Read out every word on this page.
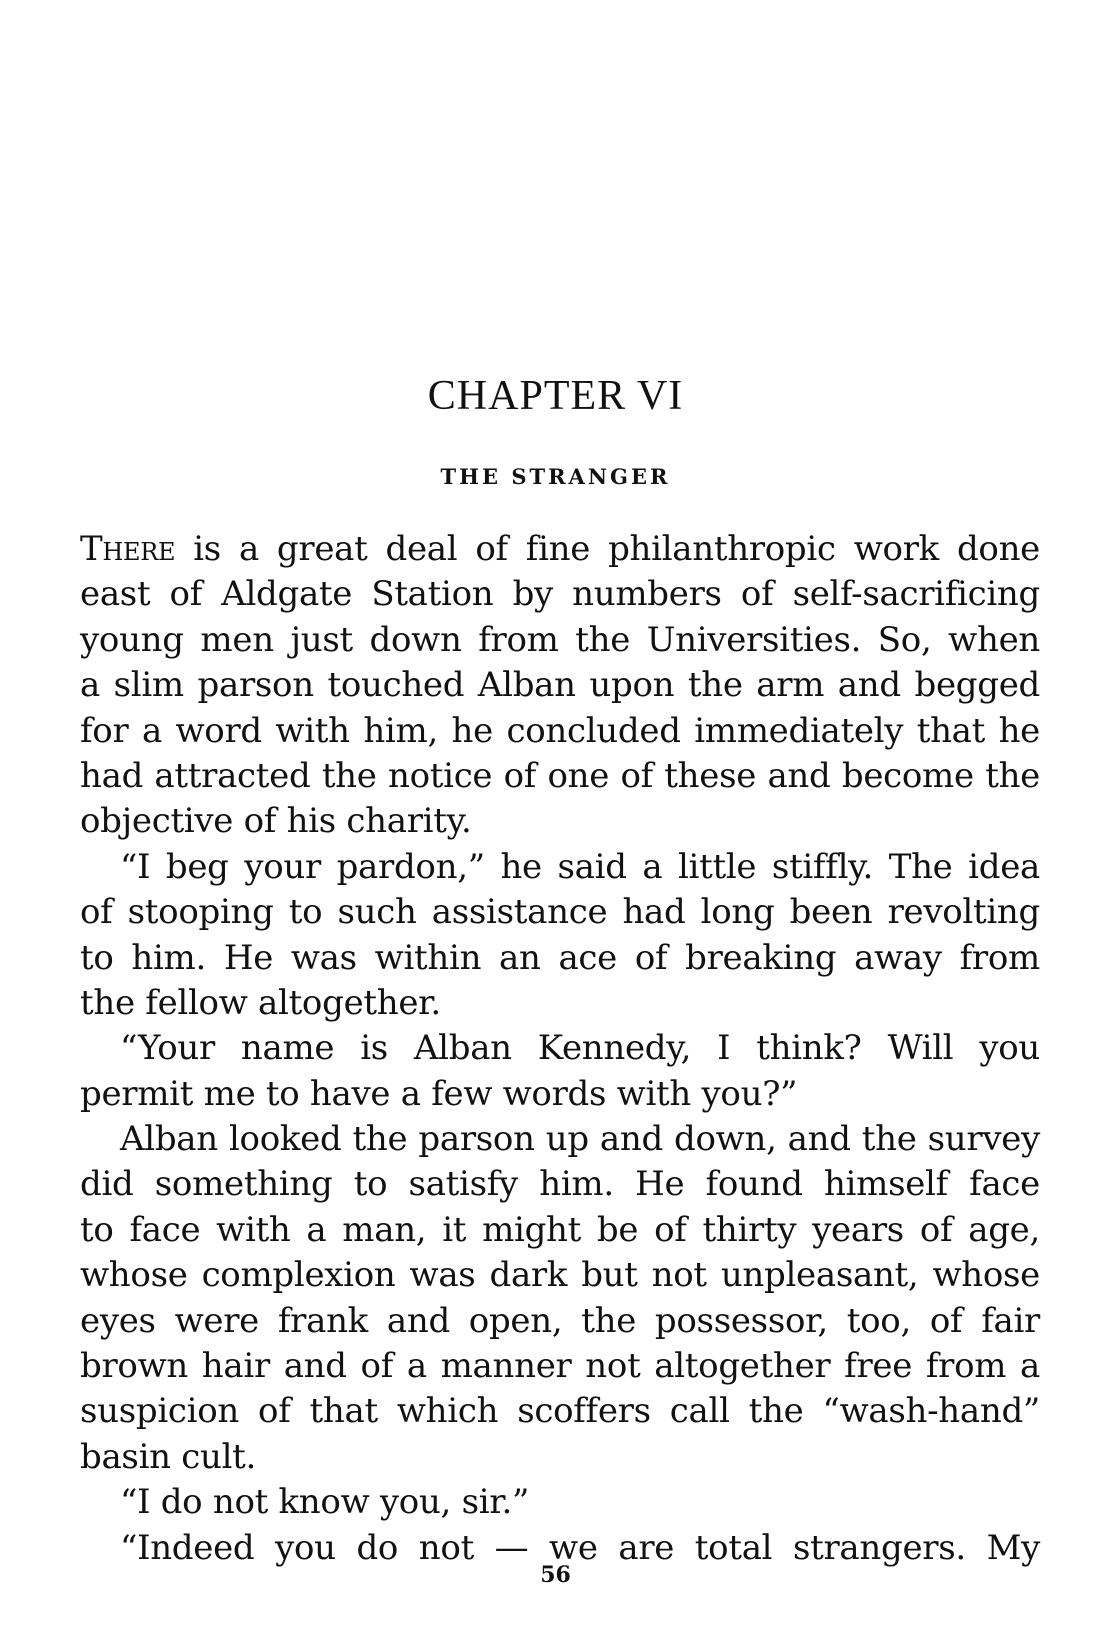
CHAPTER VI
THE STRANGER
There is a great deal of fine philanthropic work done
east of Aldgate Station by numbers of self-sacrificing
young men just down from the Universities. So, when
a slim parson touched Alban upon the arm and begged
for a word with him, he concluded immediately that he
had attracted the notice of one of these and become the
objective of his charity.
“I beg your pardon,” he said a little stiffly. The idea
of stooping to such assistance had long been revolting
to him. He was within an ace of breaking away from
the fellow altogether.
“Your name is Alban Kennedy, I think? Will you
permit me to have a few words with you?”
Alban looked the parson up and down, and the survey
did something to satisfy him. He found himself face
to face with a man, it might be of thirty years of age,
whose complexion was dark but not unpleasant, whose
eyes were frank and open, the possessor, too, of fair
brown hair and of a manner not altogether free from a
suspicion of that which scoffers call the “wash-hand”
basin cult.
“I do not know you, sir.”
“Indeed you do not — we are total strangers. My
56
